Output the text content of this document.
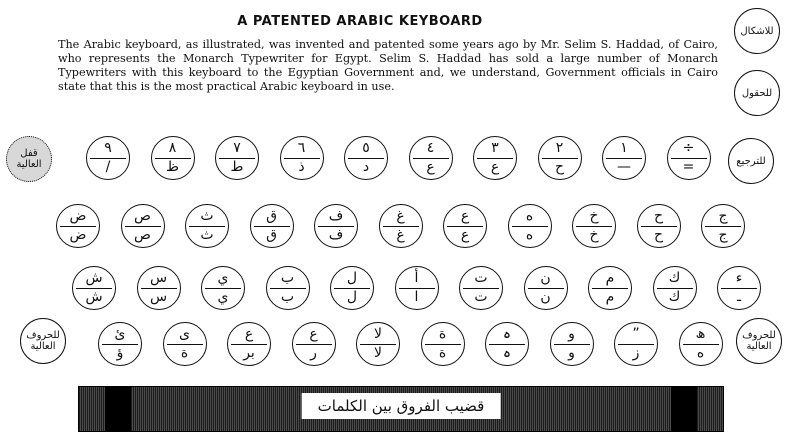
A PATENTED ARABIC KEYBOARD
The Arabic keyboard, as illustrated, was invented and patented some years ago by Mr. Selim S. Haddad, of Cairo, who represents the Monarch Typewriter for Egypt. Selim S. Haddad has sold a large number of Monarch Typewriters with this keyboard to the Egyptian Government and, we understand, Government officials in Cairo state that this is the most practical Arabic keyboard in use.
للاشكال
للحقول
قفل العالية
٩
/
٨
ظ
٧
ط
٦
ذ
٥
د
٤
ع
٣
ع
٢
ح
١
—
÷
=	للترجيع
ض
ض
ص
ص
ث
ث
ق
ق
ف
ف
غ
غ
ع
ع
ه
ه
خ
خ
ح
ح
ج
ج
ش
ش
س
س
ي
ي
ب
ب
ل
ل
أ
ا
ت
ت
ن
ن
م
م
ك
ك
ء
ـ
للحروف العالية
ئ
ؤ
ى
ة
ع
بر
ع
ر
لا
لا
ة
ة
ہ
ہ
و
و
”
ز
ھ
ه
للحروف العالية
قضيب الفروق بين الكلمات
